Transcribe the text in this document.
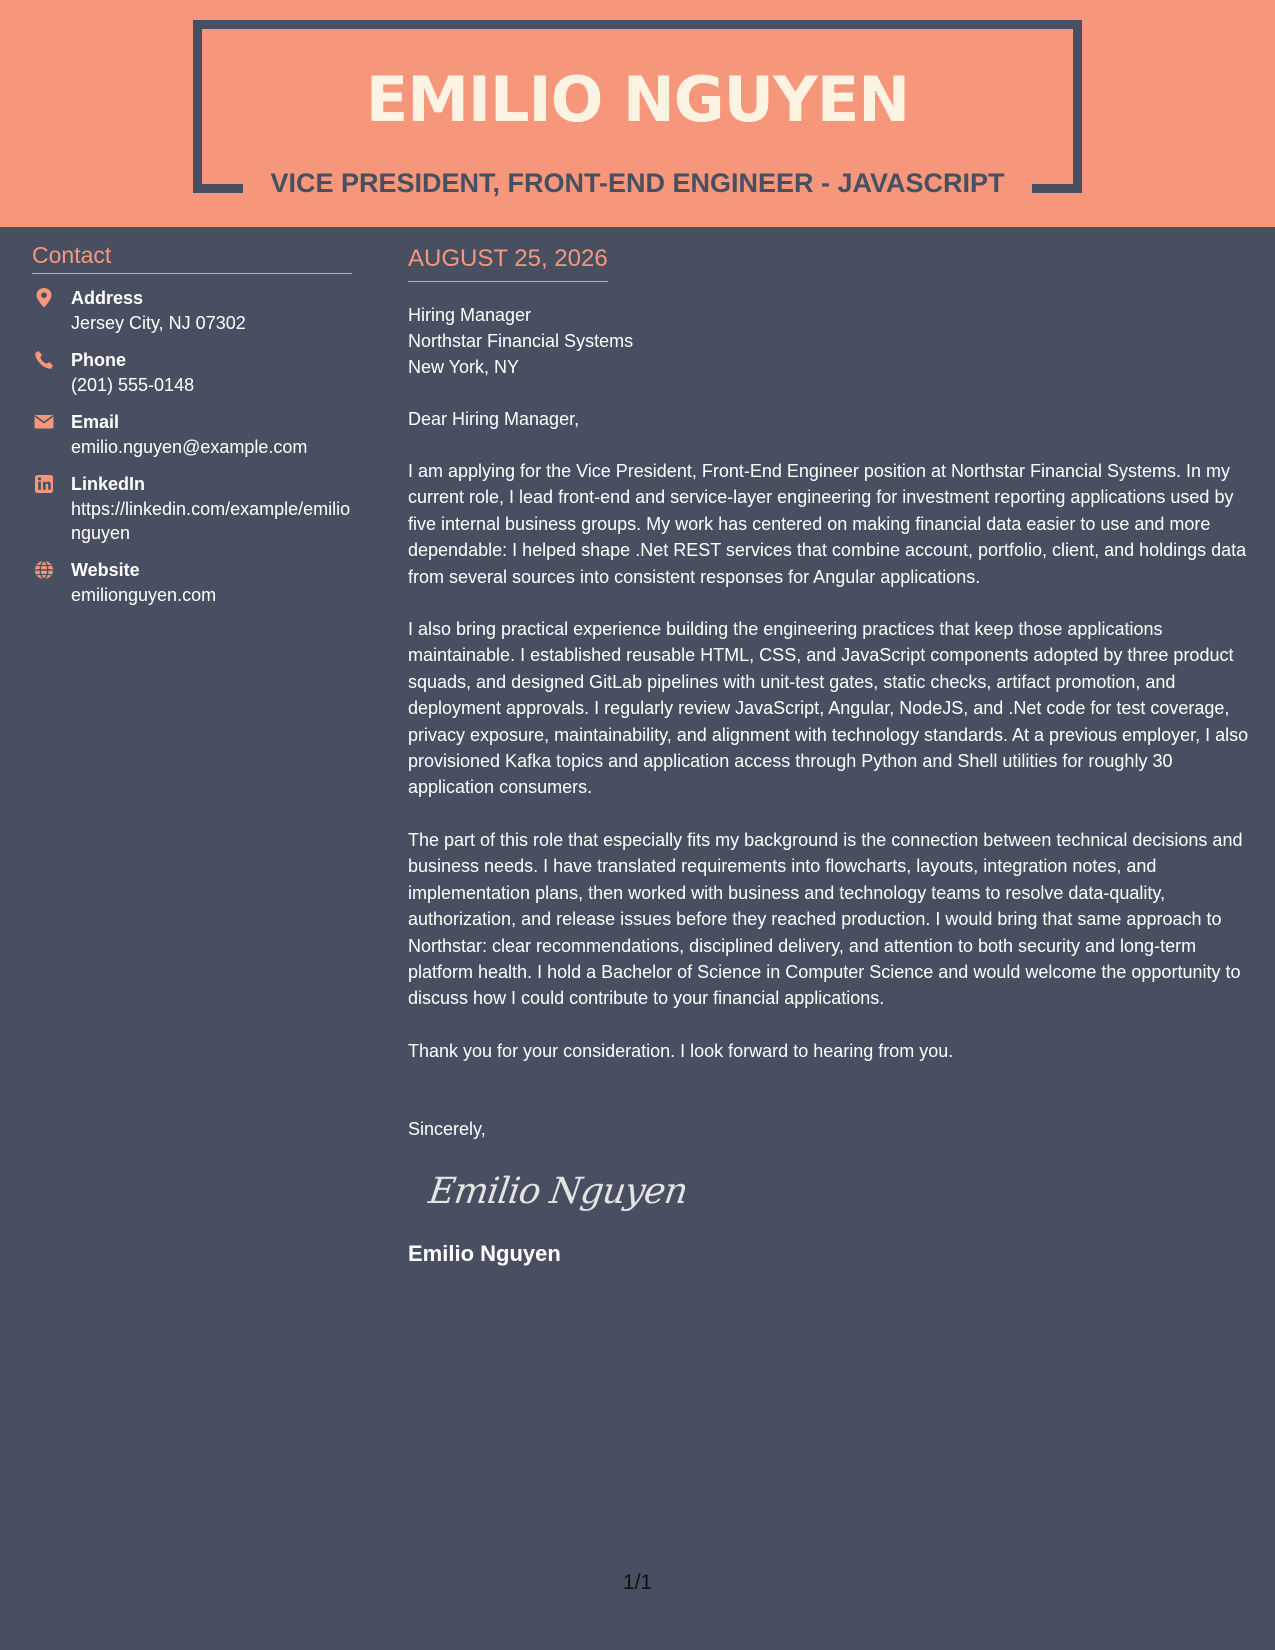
EMILIO NGUYEN
VICE PRESIDENT, FRONT-END ENGINEER - JAVASCRIPT
Contact
Address
Jersey City, NJ 07302
Phone
(201) 555-0148
Email
emilio.nguyen@example.com
LinkedIn
https://linkedin.com/example/emilionguyen
Website
emilionguyen.com
AUGUST 25, 2026
Hiring Manager
Northstar Financial Systems
New York, NY
Dear Hiring Manager,

I am applying for the Vice President, Front-End Engineer position at Northstar Financial Systems. In my current role, I lead front-end and service-layer engineering for investment reporting applications used by five internal business groups. My work has centered on making financial data easier to use and more dependable: I helped shape .Net REST services that combine account, portfolio, client, and holdings data from several sources into consistent responses for Angular applications.

I also bring practical experience building the engineering practices that keep those applications maintainable. I established reusable HTML, CSS, and JavaScript components adopted by three product squads, and designed GitLab pipelines with unit-test gates, static checks, artifact promotion, and deployment approvals. I regularly review JavaScript, Angular, NodeJS, and .Net code for test coverage, privacy exposure, maintainability, and alignment with technology standards. At a previous employer, I also provisioned Kafka topics and application access through Python and Shell utilities for roughly 30 application consumers.

The part of this role that especially fits my background is the connection between technical decisions and business needs. I have translated requirements into flowcharts, layouts, integration notes, and implementation plans, then worked with business and technology teams to resolve data-quality, authorization, and release issues before they reached production. I would bring that same approach to Northstar: clear recommendations, disciplined delivery, and attention to both security and long-term platform health. I hold a Bachelor of Science in Computer Science and would welcome the opportunity to discuss how I could contribute to your financial applications.

Thank you for your consideration. I look forward to hearing from you.

Sincerely,
Emilio Nguyen
Emilio Nguyen
1/1
